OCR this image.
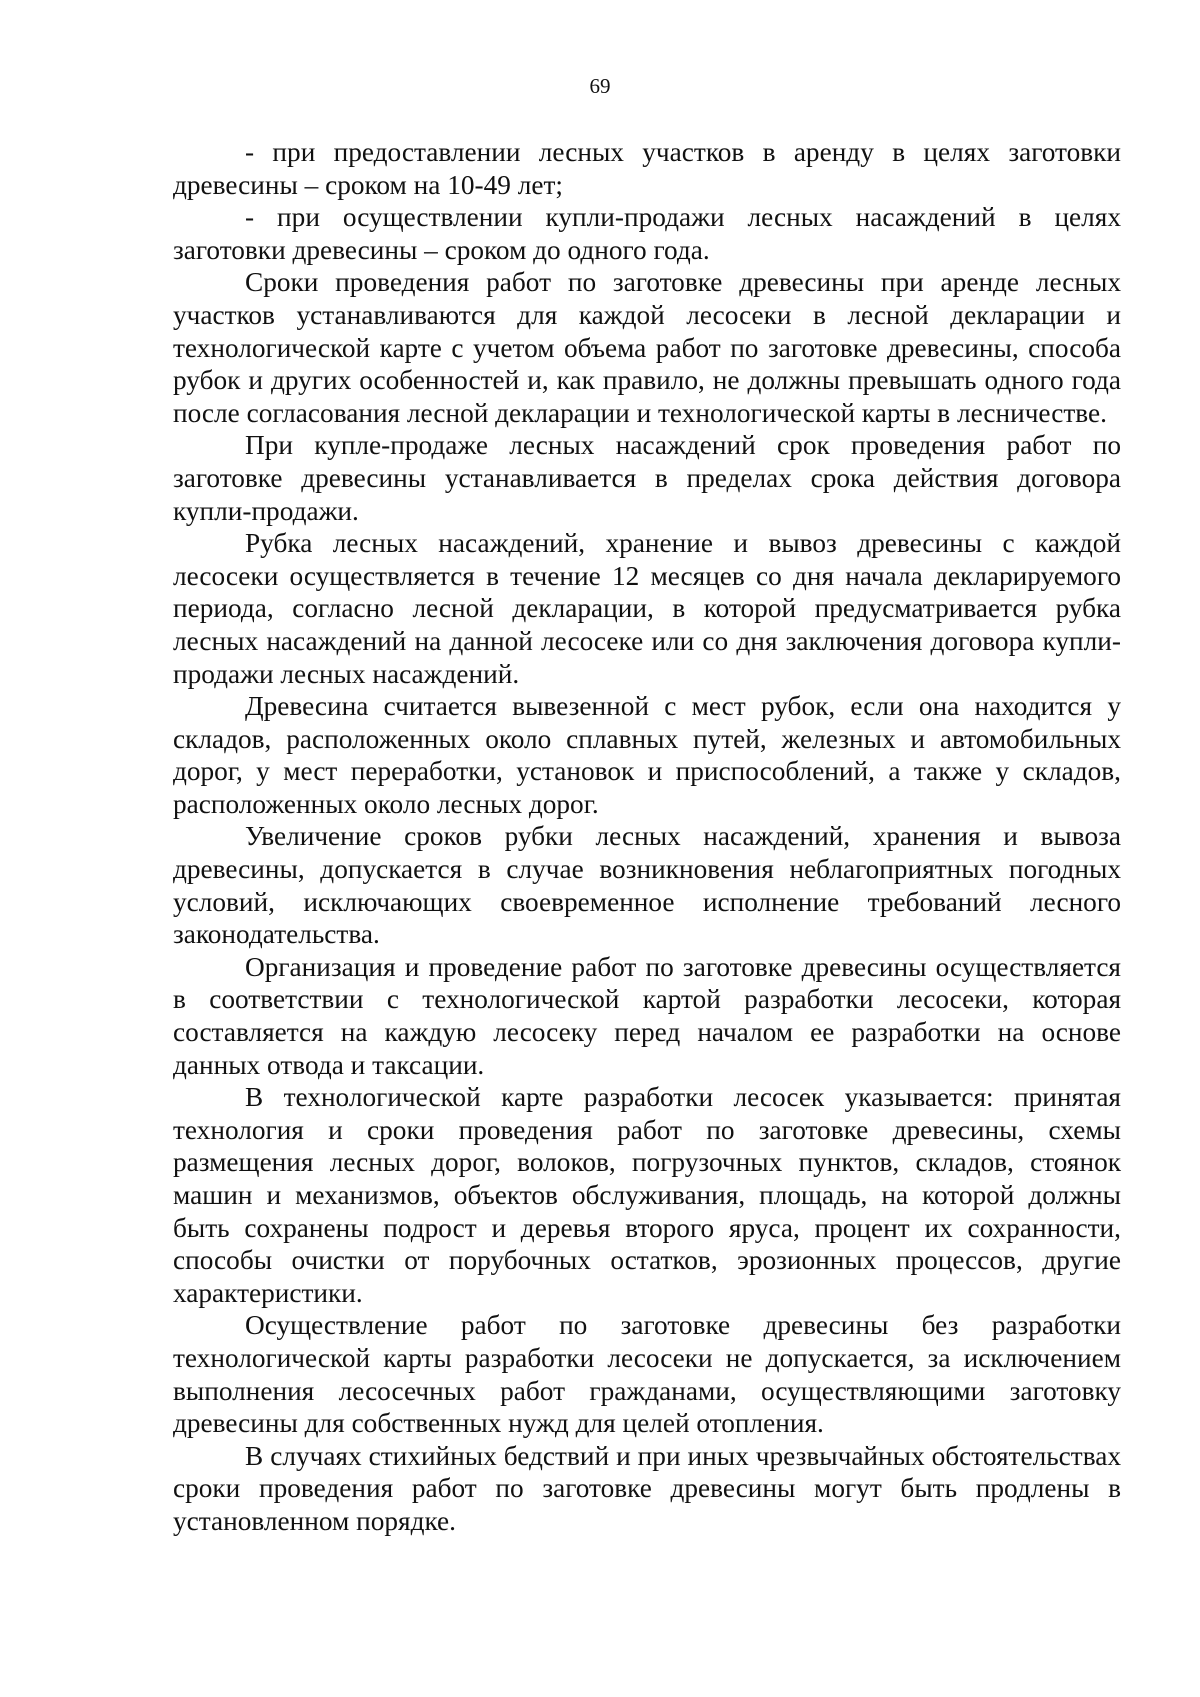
69

- при предоставлении лесных участков в аренду в целях заготовки древесины – сроком на 10-49 лет;

- при осуществлении купли-продажи лесных насаждений в целях заготовки древесины – сроком до одного года.

Сроки проведения работ по заготовке древесины при аренде лесных участков устанавливаются для каждой лесосеки в лесной декларации и технологической карте с учетом объема работ по заготовке древесины, способа рубок и других особенностей и, как правило, не должны превышать одного года после согласования лесной декларации и технологической карты в лесничестве.

При купле-продаже лесных насаждений срок проведения работ по заготовке древесины устанавливается в пределах срока действия договора купли-продажи.

Рубка лесных насаждений, хранение и вывоз древесины с каждой лесосеки осуществляется в течение 12 месяцев со дня начала декларируемого периода, согласно лесной декларации, в которой предусматривается рубка лесных насаждений на данной лесосеке или со дня заключения договора купли-продажи лесных насаждений.

Древесина считается вывезенной с мест рубок, если она находится у складов, расположенных около сплавных путей, железных и автомобильных дорог, у мест переработки, установок и приспособлений, а также у складов, расположенных около лесных дорог.

Увеличение сроков рубки лесных насаждений, хранения и вывоза древесины, допускается в случае возникновения неблагоприятных погодных условий, исключающих своевременное исполнение требований лесного законодательства.

Организация и проведение работ по заготовке древесины осуществляется в соответствии с технологической картой разработки лесосеки, которая составляется на каждую лесосеку перед началом ее разработки на основе данных отвода и таксации.

В технологической карте разработки лесосек указывается: принятая технология и сроки проведения работ по заготовке древесины, схемы размещения лесных дорог, волоков, погрузочных пунктов, складов, стоянок машин и механизмов, объектов обслуживания, площадь, на которой должны быть сохранены подрост и деревья второго яруса, процент их сохранности, способы очистки от порубочных остатков, эрозионных процессов, другие характеристики.

Осуществление работ по заготовке древесины без разработки технологической карты разработки лесосеки не допускается, за исключением выполнения лесосечных работ гражданами, осуществляющими заготовку древесины для собственных нужд для целей отопления.

В случаях стихийных бедствий и при иных чрезвычайных обстоятельствах сроки проведения работ по заготовке древесины могут быть продлены в установленном порядке.
